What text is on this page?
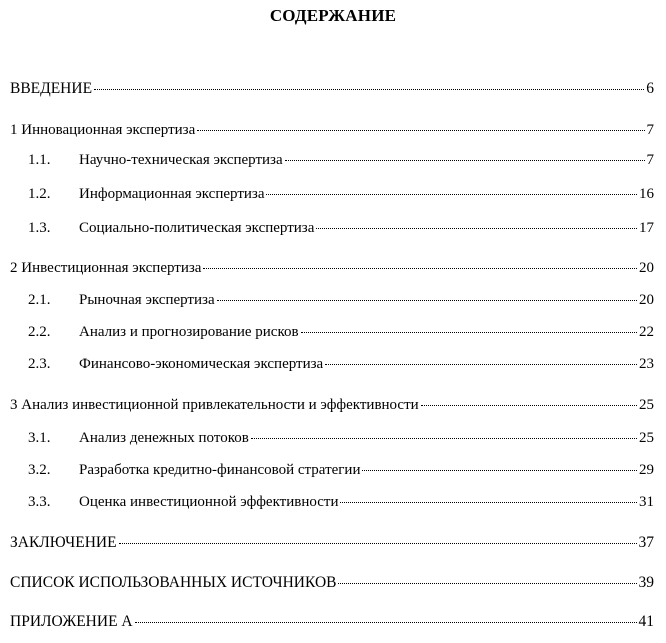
СОДЕРЖАНИЕ
ВВЕДЕНИЕ	6
1 Инновационная экспертиза	7
1.1.	Научно-техническая экспертиза	7
1.2.	Информационная экспертиза	16
1.3.	Социально-политическая экспертиза	17
2 Инвестиционная экспертиза	20
2.1.	Рыночная экспертиза	20
2.2.	Анализ и прогнозирование рисков	22
2.3.	Финансово-экономическая экспертиза	23
3 Анализ инвестиционной привлекательности и эффективности	25
3.1.	Анализ денежных потоков	25
3.2.	Разработка кредитно-финансовой стратегии	29
3.3.	Оценка инвестиционной эффективности	31
ЗАКЛЮЧЕНИЕ	37
СПИСОК ИСПОЛЬЗОВАННЫХ ИСТОЧНИКОВ	39
ПРИЛОЖЕНИЕ А	41
